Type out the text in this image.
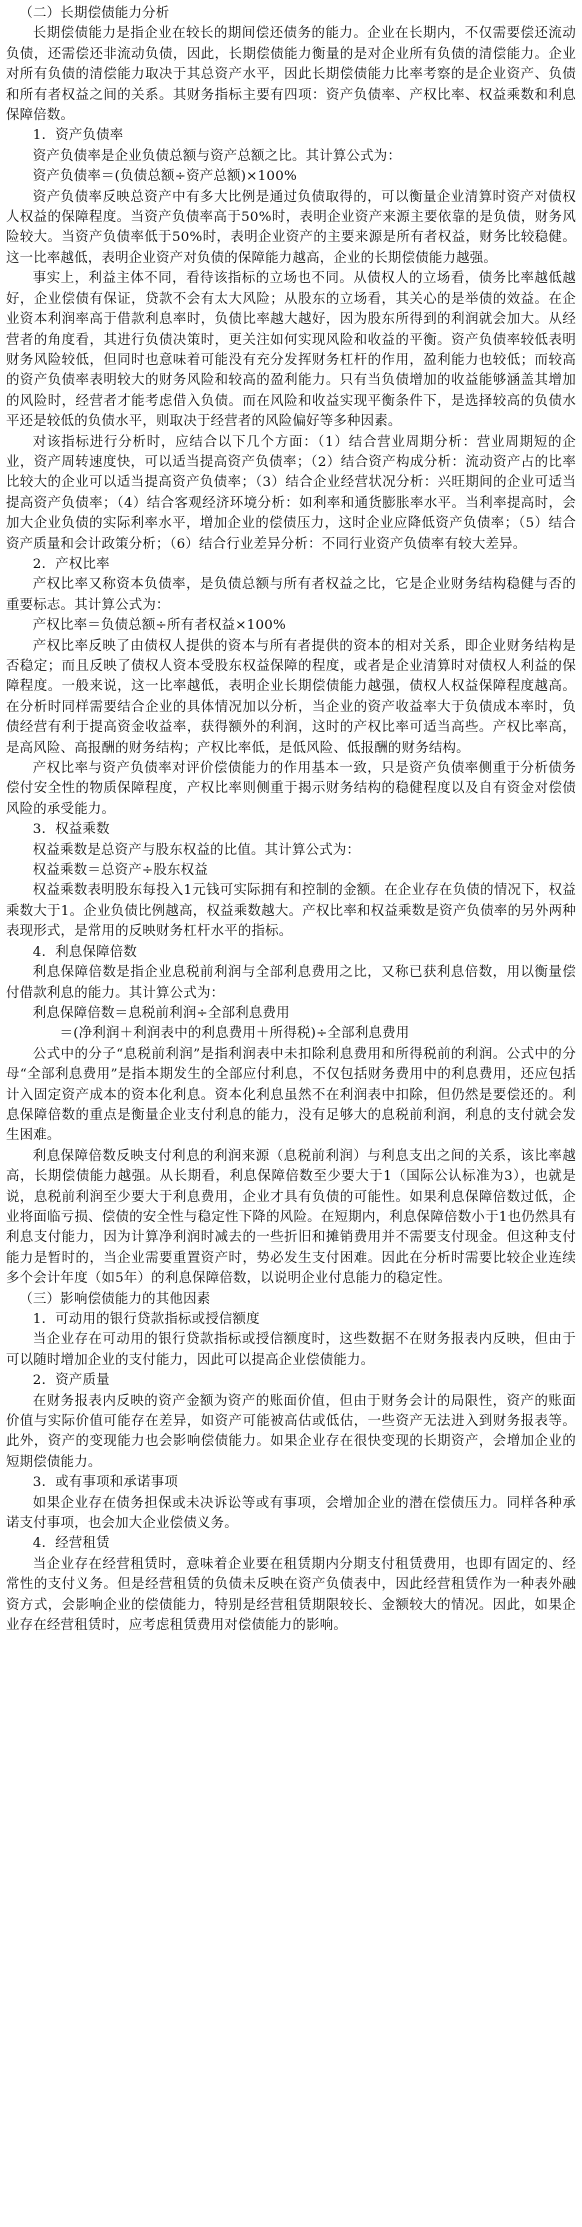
（二）长期偿债能力分析
长期偿债能力是指企业在较长的期间偿还债务的能力。企业在长期内，不仅需要偿还流动负债，还需偿还非流动负债，因此，长期偿债能力衡量的是对企业所有负债的清偿能力。企业对所有负债的清偿能力取决于其总资产水平，因此长期偿债能力比率考察的是企业资产、负债和所有者权益之间的关系。其财务指标主要有四项：资产负债率、产权比率、权益乘数和利息保障倍数。
1．资产负债率
资产负债率是企业负债总额与资产总额之比。其计算公式为：
资产负债率＝(负债总额÷资产总额)×100%
资产负债率反映总资产中有多大比例是通过负债取得的，可以衡量企业清算时资产对债权人权益的保障程度。当资产负债率高于50%时，表明企业资产来源主要依靠的是负债，财务风险较大。当资产负债率低于50%时，表明企业资产的主要来源是所有者权益，财务比较稳健。这一比率越低，表明企业资产对负债的保障能力越高，企业的长期偿债能力越强。
事实上，利益主体不同，看待该指标的立场也不同。从债权人的立场看，债务比率越低越好，企业偿债有保证，贷款不会有太大风险；从股东的立场看，其关心的是举债的效益。在企业资本利润率高于借款利息率时，负债比率越大越好，因为股东所得到的利润就会加大。从经营者的角度看，其进行负债决策时，更关注如何实现风险和收益的平衡。资产负债率较低表明财务风险较低，但同时也意味着可能没有充分发挥财务杠杆的作用，盈利能力也较低；而较高的资产负债率表明较大的财务风险和较高的盈利能力。只有当负债增加的收益能够涵盖其增加的风险时，经营者才能考虑借入负债。而在风险和收益实现平衡条件下，是选择较高的负债水平还是较低的负债水平，则取决于经营者的风险偏好等多种因素。
对该指标进行分析时，应结合以下几个方面：（1）结合营业周期分析：营业周期短的企业，资产周转速度快，可以适当提高资产负债率；（2）结合资产构成分析：流动资产占的比率比较大的企业可以适当提高资产负债率；（3）结合企业经营状况分析：兴旺期间的企业可适当提高资产负债率；（4）结合客观经济环境分析：如利率和通货膨胀率水平。当利率提高时，会加大企业负债的实际利率水平，增加企业的偿债压力，这时企业应降低资产负债率；（5）结合资产质量和会计政策分析；（6）结合行业差异分析：不同行业资产负债率有较大差异。
2．产权比率
产权比率又称资本负债率，是负债总额与所有者权益之比，它是企业财务结构稳健与否的重要标志。其计算公式为：
产权比率＝负债总额÷所有者权益×100%
产权比率反映了由债权人提供的资本与所有者提供的资本的相对关系，即企业财务结构是否稳定；而且反映了债权人资本受股东权益保障的程度，或者是企业清算时对债权人利益的保障程度。一般来说，这一比率越低，表明企业长期偿债能力越强，债权人权益保障程度越高。在分析时同样需要结合企业的具体情况加以分析，当企业的资产收益率大于负债成本率时，负债经营有利于提高资金收益率，获得额外的利润，这时的产权比率可适当高些。产权比率高，是高风险、高报酬的财务结构；产权比率低，是低风险、低报酬的财务结构。
产权比率与资产负债率对评价偿债能力的作用基本一致，只是资产负债率侧重于分析债务偿付安全性的物质保障程度，产权比率则侧重于揭示财务结构的稳健程度以及自有资金对偿债风险的承受能力。
3．权益乘数
权益乘数是总资产与股东权益的比值。其计算公式为：
权益乘数＝总资产÷股东权益
权益乘数表明股东每投入1元钱可实际拥有和控制的金额。在企业存在负债的情况下，权益乘数大于1。企业负债比例越高，权益乘数越大。产权比率和权益乘数是资产负债率的另外两种表现形式，是常用的反映财务杠杆水平的指标。
4．利息保障倍数
利息保障倍数是指企业息税前利润与全部利息费用之比，又称已获利息倍数，用以衡量偿付借款利息的能力。其计算公式为：
利息保障倍数＝息税前利润÷全部利息费用
＝(净利润＋利润表中的利息费用＋所得税)÷全部利息费用
公式中的分子“息税前利润”是指利润表中未扣除利息费用和所得税前的利润。公式中的分母“全部利息费用”是指本期发生的全部应付利息，不仅包括财务费用中的利息费用，还应包括计入固定资产成本的资本化利息。资本化利息虽然不在利润表中扣除，但仍然是要偿还的。利息保障倍数的重点是衡量企业支付利息的能力，没有足够大的息税前利润，利息的支付就会发生困难。
利息保障倍数反映支付利息的利润来源（息税前利润）与利息支出之间的关系，该比率越高，长期偿债能力越强。从长期看，利息保障倍数至少要大于1（国际公认标准为3），也就是说，息税前利润至少要大于利息费用，企业才具有负债的可能性。如果利息保障倍数过低，企业将面临亏损、偿债的安全性与稳定性下降的风险。在短期内，利息保障倍数小于1也仍然具有利息支付能力，因为计算净利润时减去的一些折旧和摊销费用并不需要支付现金。但这种支付能力是暂时的，当企业需要重置资产时，势必发生支付困难。因此在分析时需要比较企业连续多个会计年度（如5年）的利息保障倍数，以说明企业付息能力的稳定性。
（三）影响偿债能力的其他因素
1．可动用的银行贷款指标或授信额度
当企业存在可动用的银行贷款指标或授信额度时，这些数据不在财务报表内反映，但由于可以随时增加企业的支付能力，因此可以提高企业偿债能力。
2．资产质量
在财务报表内反映的资产金额为资产的账面价值，但由于财务会计的局限性，资产的账面价值与实际价值可能存在差异，如资产可能被高估或低估，一些资产无法进入到财务报表等。此外，资产的变现能力也会影响偿债能力。如果企业存在很快变现的长期资产，会增加企业的短期偿债能力。
3．或有事项和承诺事项
如果企业存在债务担保或未决诉讼等或有事项，会增加企业的潜在偿债压力。同样各种承诺支付事项，也会加大企业偿债义务。
4．经营租赁
当企业存在经营租赁时，意味着企业要在租赁期内分期支付租赁费用，也即有固定的、经常性的支付义务。但是经营租赁的负债未反映在资产负债表中，因此经营租赁作为一种表外融资方式，会影响企业的偿债能力，特别是经营租赁期限较长、金额较大的情况。因此，如果企业存在经营租赁时，应考虑租赁费用对偿债能力的影响。
